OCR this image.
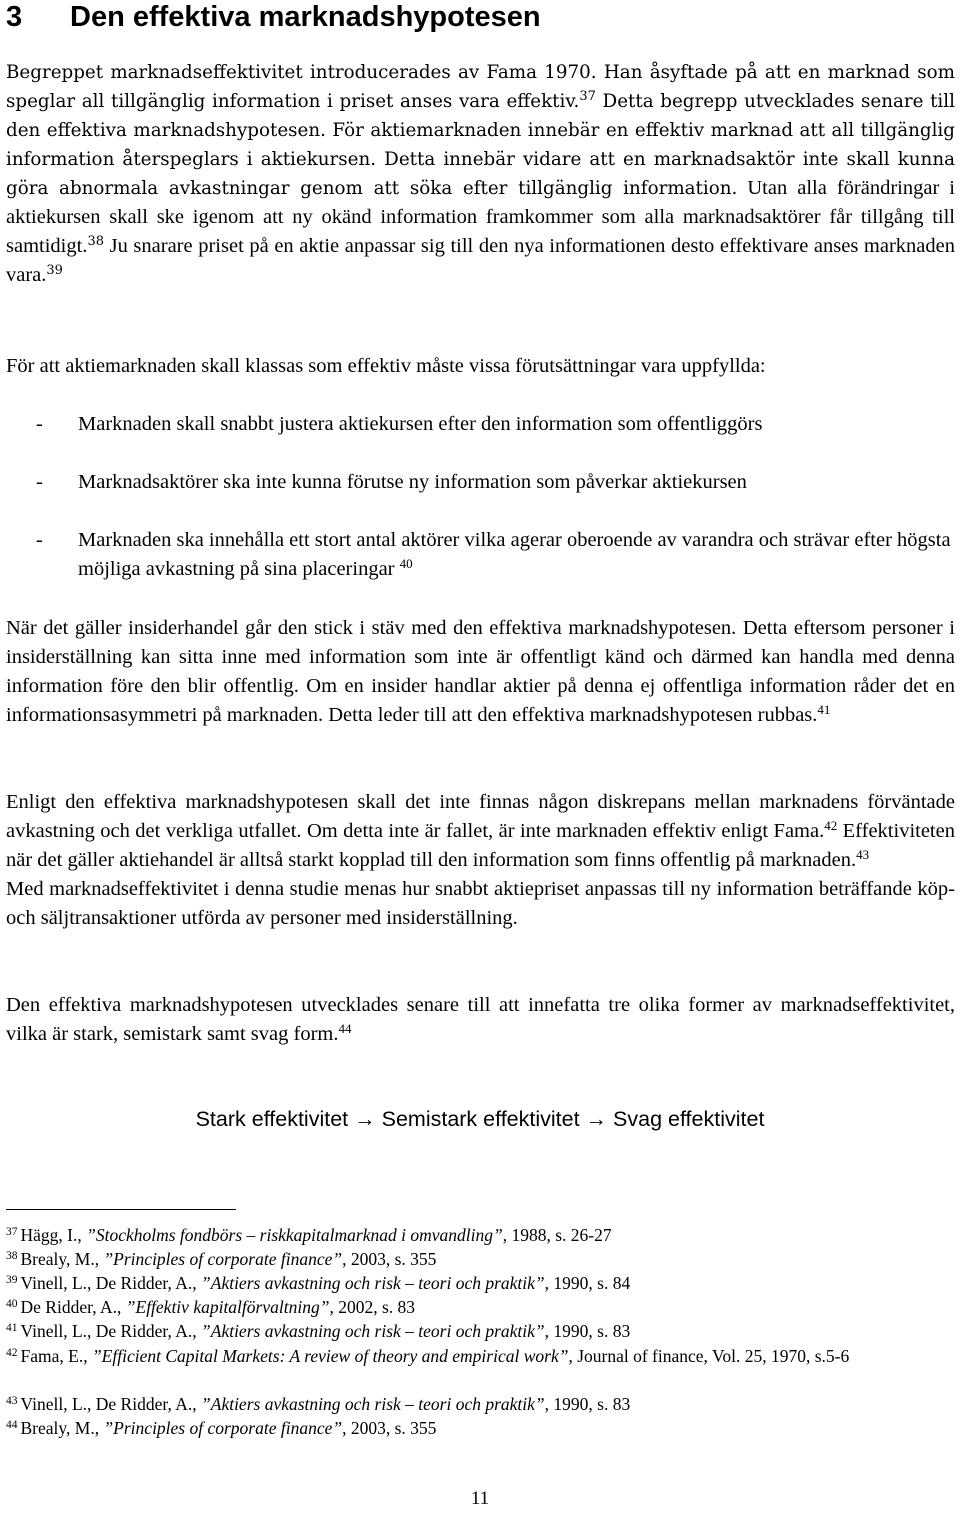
3 Den effektiva marknadshypotesen

Begreppet marknadseffektivitet introducerades av Fama 1970. Han åsyftade på att en marknad som speglar all tillgänglig information i priset anses vara effektiv.$^{37}$ Detta begrepp utvecklades senare till den effektiva marknadshypotesen. För aktiemarknaden innebär en effektiv marknad att all tillgänglig information återspeglars i aktiekursen. Detta innebär vidare att en marknadsaktör inte skall kunna göra abnormala avkastningar genom att söka efter tillgänglig information. Utan alla förändringar i aktiekursen skall ske igenom att ny okänd information framkommer som alla marknadsaktörer får tillgång till samtidigt.$^{38}$ Ju snarare priset på en aktie anpassar sig till den nya informationen desto effektivare anses marknaden vara.$^{39}$

För att aktiemarknaden skall klassas som effektiv måste vissa förutsättningar vara uppfyllda:

- Marknaden skall snabbt justera aktiekursen efter den information som offentliggörs
- Marknadsaktörer ska inte kunna förutse ny information som påverkar aktiekursen
- Marknaden ska innehålla ett stort antal aktörer vilka agerar oberoende av varandra och strävar efter högsta möjliga avkastning på sina placeringar $^{40}$

När det gäller insiderhandel går den stick i stäv med den effektiva marknadshypotesen. Detta eftersom personer i insiderställning kan sitta inne med information som inte är offentligt känd och därmed kan handla med denna information före den blir offentlig. Om en insider handlar aktier på denna ej offentliga information råder det en informationsasymmetri på marknaden. Detta leder till att den effektiva marknadshypotesen rubbas.$^{41}$

Enligt den effektiva marknadshypotesen skall det inte finnas någon diskrepans mellan marknadens förväntade avkastning och det verkliga utfallet. Om detta inte är fallet, är inte marknaden effektiv enligt Fama.$^{42}$ Effektiviteten när det gäller aktiehandel är alltså starkt kopplad till den information som finns offentlig på marknaden.$^{43}$
Med marknadseffektivitet i denna studie menas hur snabbt aktiepriset anpassas till ny information beträffande köp- och säljtransaktioner utförda av personer med insiderställning.

Den effektiva marknadshypotesen utvecklades senare till att innefatta tre olika former av marknadseffektivitet, vilka är stark, semistark samt svag form.$^{44}$

Stark effektivitet → Semistark effektivitet → Svag effektivitet

$^{37}$ Hägg, I., ”Stockholms fondbörs – riskkapitalmarknad i omvandling”, 1988, s. 26-27

$^{38}$ Brealy, M., ”Principles of corporate finance”, 2003, s. 355

$^{39}$ Vinell, L., De Ridder, A., ”Aktiers avkastning och risk – teori och praktik”, 1990, s. 84

$^{40}$ De Ridder, A., ”Effektiv kapitalförvaltning”, 2002, s. 83

$^{41}$ Vinell, L., De Ridder, A., ”Aktiers avkastning och risk – teori och praktik”, 1990, s. 83

$^{42}$ Fama, E., ”Efficient Capital Markets: A review of theory and empirical work”, Journal of finance, Vol. 25, 1970, s.5-6

$^{43}$ Vinell, L., De Ridder, A., ”Aktiers avkastning och risk – teori och praktik”, 1990, s. 83

$^{44}$ Brealy, M., ”Principles of corporate finance”, 2003, s. 355

11
